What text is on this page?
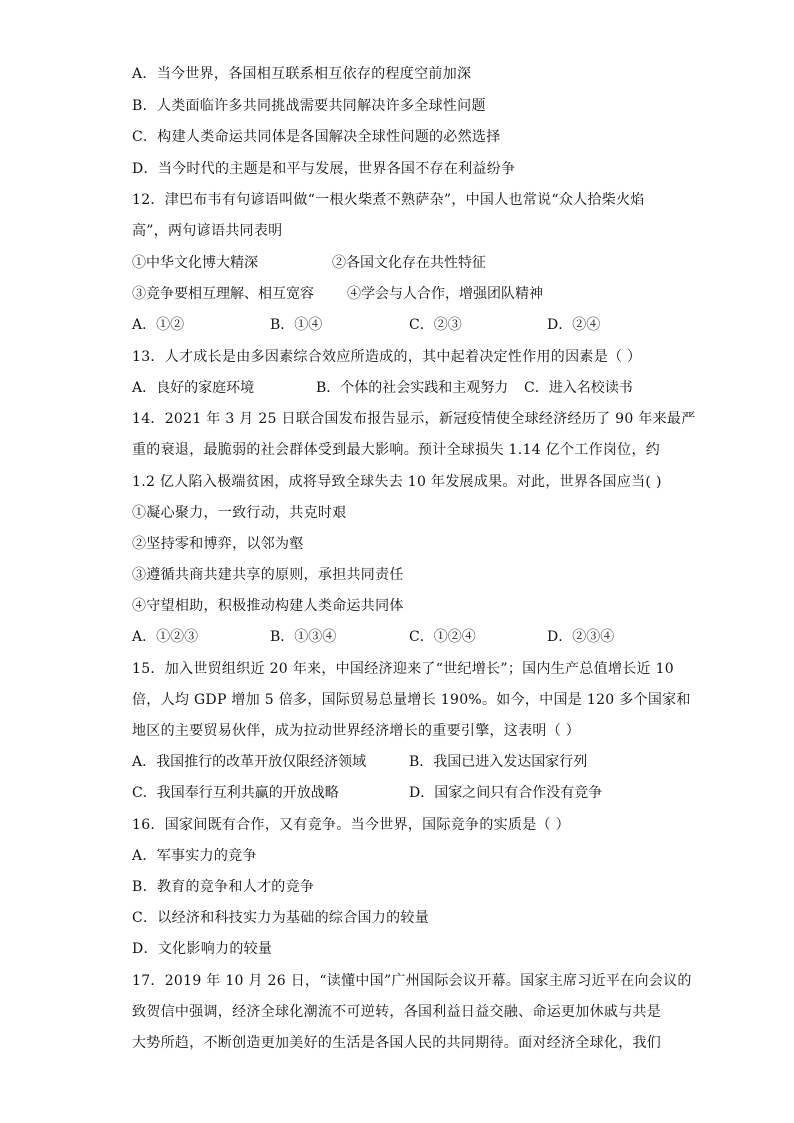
A．当今世界，各国相互联系相互依存的程度空前加深
B．人类面临许多共同挑战需要共同解决许多全球性问题
C．构建人类命运共同体是各国解决全球性问题的必然选择
D．当今时代的主题是和平与发展，世界各国不存在利益纷争
12．津巴布韦有句谚语叫做“一根火柴煮不熟萨杂”，中国人也常说“众人拾柴火焰
高”，两句谚语共同表明
①中华文化博大精深	②各国文化存在共性特征
③竞争要相互理解、相互宽容 ④学会与人合作，增强团队精神
A．①②	B．①④	C．②③	D．②④
13．人才成长是由多因素综合效应所造成的，其中起着决定性作用的因素是（ ）
A．良好的家庭环境	B．个体的社会实践和主观努力 C．进入名校读书
14．2021 年 3 月 25 日联合国发布报告显示，新冠疫情使全球经济经历了 90 年来最严
重的衰退，最脆弱的社会群体受到最大影响。预计全球损失 1.14 亿个工作岗位，约
1.2 亿人陷入极端贫困，成将导致全球失去 10 年发展成果。对此，世界各国应当( )
①凝心聚力，一致行动，共克时艰
②坚持零和博弈，以邻为壑
③遵循共商共建共享的原则，承担共同责任
④守望相助，积极推动构建人类命运共同体
A．①②③	B．①③④	C．①②④	D．②③④
15．加入世贸组织近 20 年来，中国经济迎来了“世纪增长”；国内生产总值增长近 10
倍，人均 GDP 增加 5 倍多，国际贸易总量增长 190%。如今，中国是 120 多个国家和
地区的主要贸易伙伴，成为拉动世界经济增长的重要引擎，这表明（ ）
A．我国推行的改革开放仅限经济领域	B．我国已进入发达国家行列
C．我国奉行互利共赢的开放战略	D．国家之间只有合作没有竞争
16．国家间既有合作，又有竞争。当今世界，国际竞争的实质是（ ）
A．军事实力的竞争
B．教育的竞争和人才的竞争
C．以经济和科技实力为基础的综合国力的较量
D．文化影响力的较量
17．2019 年 10 月 26 日，“读懂中国”广州国际会议开幕。国家主席习近平在向会议的
致贺信中强调，经济全球化潮流不可逆转，各国利益日益交融、命运更加休戚与共是
大势所趋，不断创造更加美好的生活是各国人民的共同期待。面对经济全球化，我们
